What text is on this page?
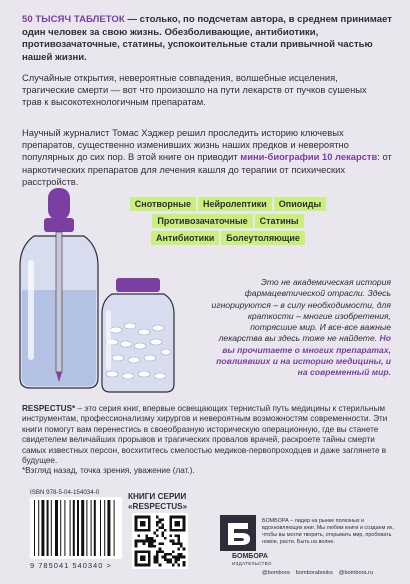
50 ТЫСЯЧ ТАБЛЕТОК — столько, по подсчетам автора, в среднем принимает один человек за свою жизнь. Обезболивающие, антибиотики, противозачаточные, статины, успокоительные стали привычной частью нашей жизни.
Случайные открытия, невероятные совпадения, волшебные исцеления, трагические смерти — вот что произошло на пути лекарств от пучков сушеных трав к высокотехнологичным препаратам.
Научный журналист Томас Хэджер решил проследить историю ключевых препаратов, существенно изменивших жизнь наших предков и невероятно популярных до сих пор. В этой книге он приводит мини-биографии 10 лекарств: от наркотических препаратов для лечения кашля до терапии от психических расстройств.
Снотворные	Нейролептики	Опиоиды
Противозачаточные	Статины
Антибиотики	Болеутоляющие
Это не академическая история фармацевтической отрасли. Здесь игнорируются – в силу необходимости, для краткости – многие изобретения, потрясшие мир. И все-все важные лекарства вы здесь тоже не найдете. Но вы прочитаете о многих препаратах, повлиявших и на историю медицины, и на современный мир.
RESPECTUS* – это серия книг, впервые освещающих тернистый путь медицины к стерильным инструментам, профессионализму хирургов и невероятным возможностям современности. Эти книги помогут вам перенестись в своеобразную историческую операционную, где вы станете свидетелем величайших прорывов и трагических провалов врачей, раскроете тайны смерти самых известных персон, восхититесь смелостью медиков-первопроходцев и даже заглянете в будущее.
*Взгляд назад, точка зрения, уважение (лат.).
ISBN 978-5-04-154034-0
9 785041 540340 >
КНИГИ СЕРИИ
«RESPECTUS»
БОМБОРА
ИЗДАТЕЛЬСТВО
БОМБОРА – лидер на рынке полезных и вдохновляющих книг. Мы любим книги и создаем их, чтобы вы могли творить, открывать мир, пробовать новое, расти. Быть на волне.
@bombora bomborabooks @bombora.ru
